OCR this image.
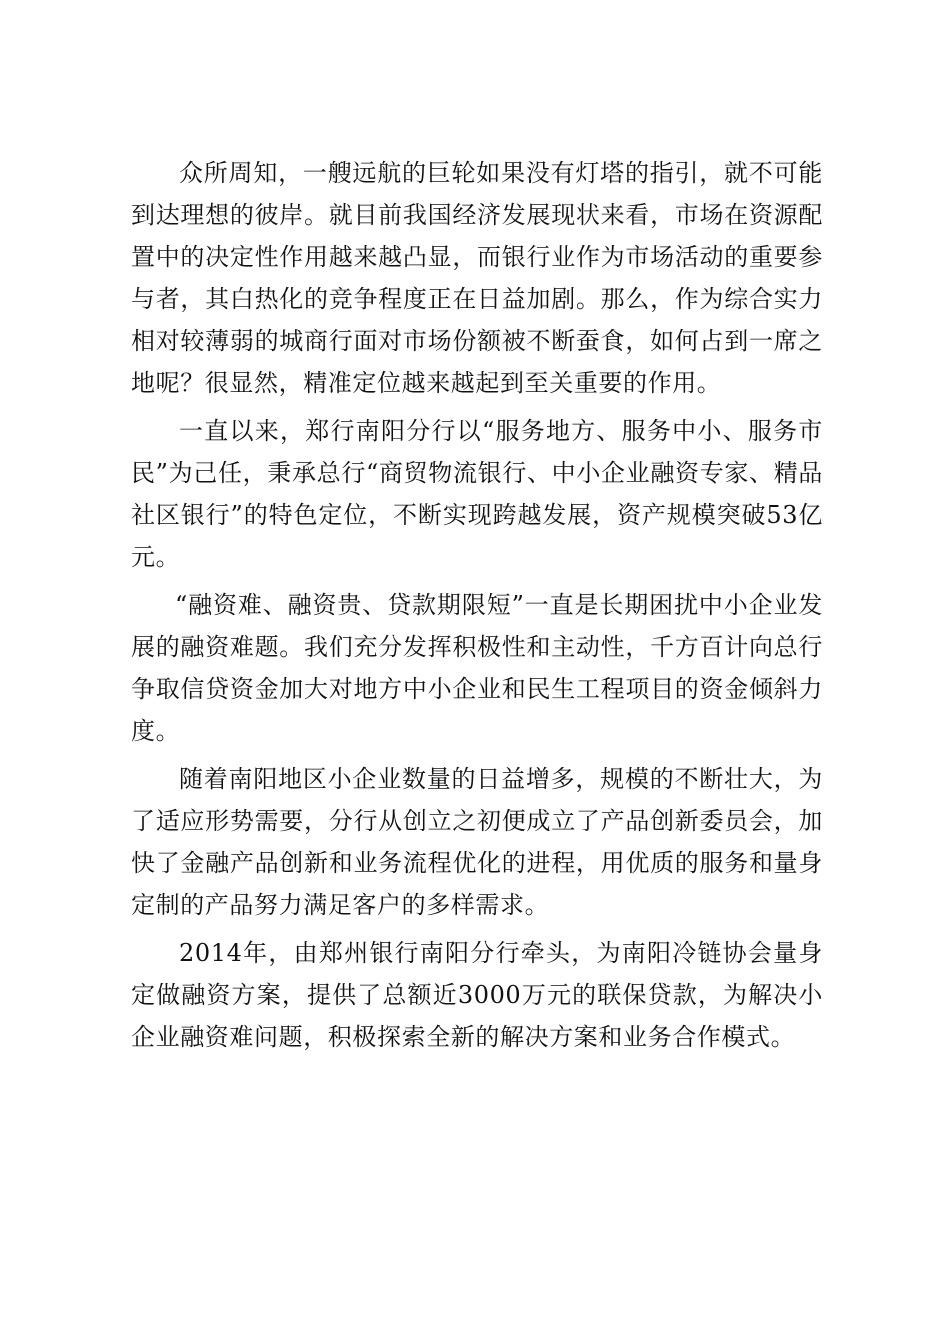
众所周知，一艘远航的巨轮如果没有灯塔的指引，就不可能到达理想的彼岸。就目前我国经济发展现状来看，市场在资源配置中的决定性作用越来越凸显，而银行业作为市场活动的重要参与者，其白热化的竞争程度正在日益加剧。那么，作为综合实力相对较薄弱的城商行面对市场份额被不断蚕食，如何占到一席之地呢？很显然，精准定位越来越起到至关重要的作用。

一直以来，郑行南阳分行以“服务地方、服务中小、服务市民”为己任，秉承总行“商贸物流银行、中小企业融资专家、精品社区银行”的特色定位，不断实现跨越发展，资产规模突破53亿元。

“融资难、融资贵、贷款期限短”一直是长期困扰中小企业发展的融资难题。我们充分发挥积极性和主动性，千方百计向总行争取信贷资金加大对地方中小企业和民生工程项目的资金倾斜力度。

随着南阳地区小企业数量的日益增多，规模的不断壮大，为了适应形势需要，分行从创立之初便成立了产品创新委员会，加快了金融产品创新和业务流程优化的进程，用优质的服务和量身定制的产品努力满足客户的多样需求。

2014年，由郑州银行南阳分行牵头，为南阳冷链协会量身定做融资方案，提供了总额近3000万元的联保贷款，为解决小企业融资难问题，积极探索全新的解决方案和业务合作模式。
